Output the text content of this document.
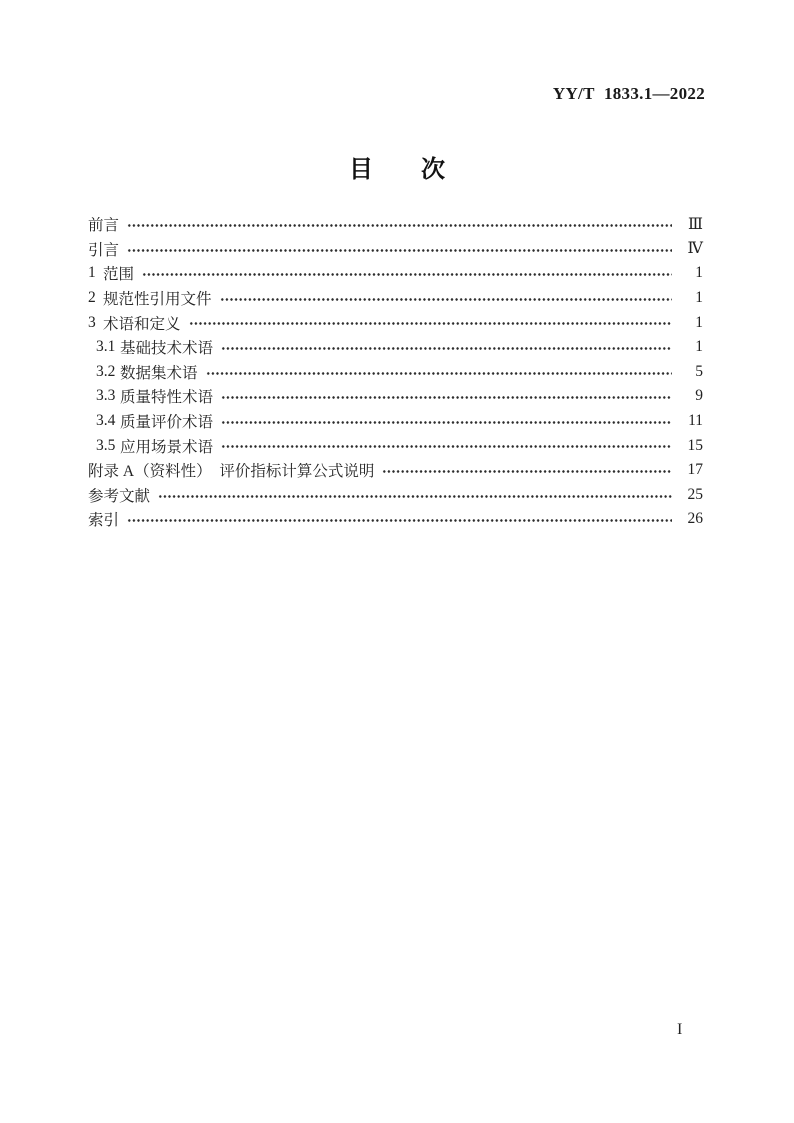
YY/T 1833.1—2022
目　　次
前言	Ⅲ
引言	Ⅳ
1 范围	1
2 规范性引用文件	1
3 术语和定义	1
3.1 基础技术术语	1
3.2 数据集术语	5
3.3 质量特性术语	9
3.4 质量评价术语	11
3.5 应用场景术语	15
附录 A（资料性）　评价指标计算公式说明	17
参考文献	25
索引	26
I
